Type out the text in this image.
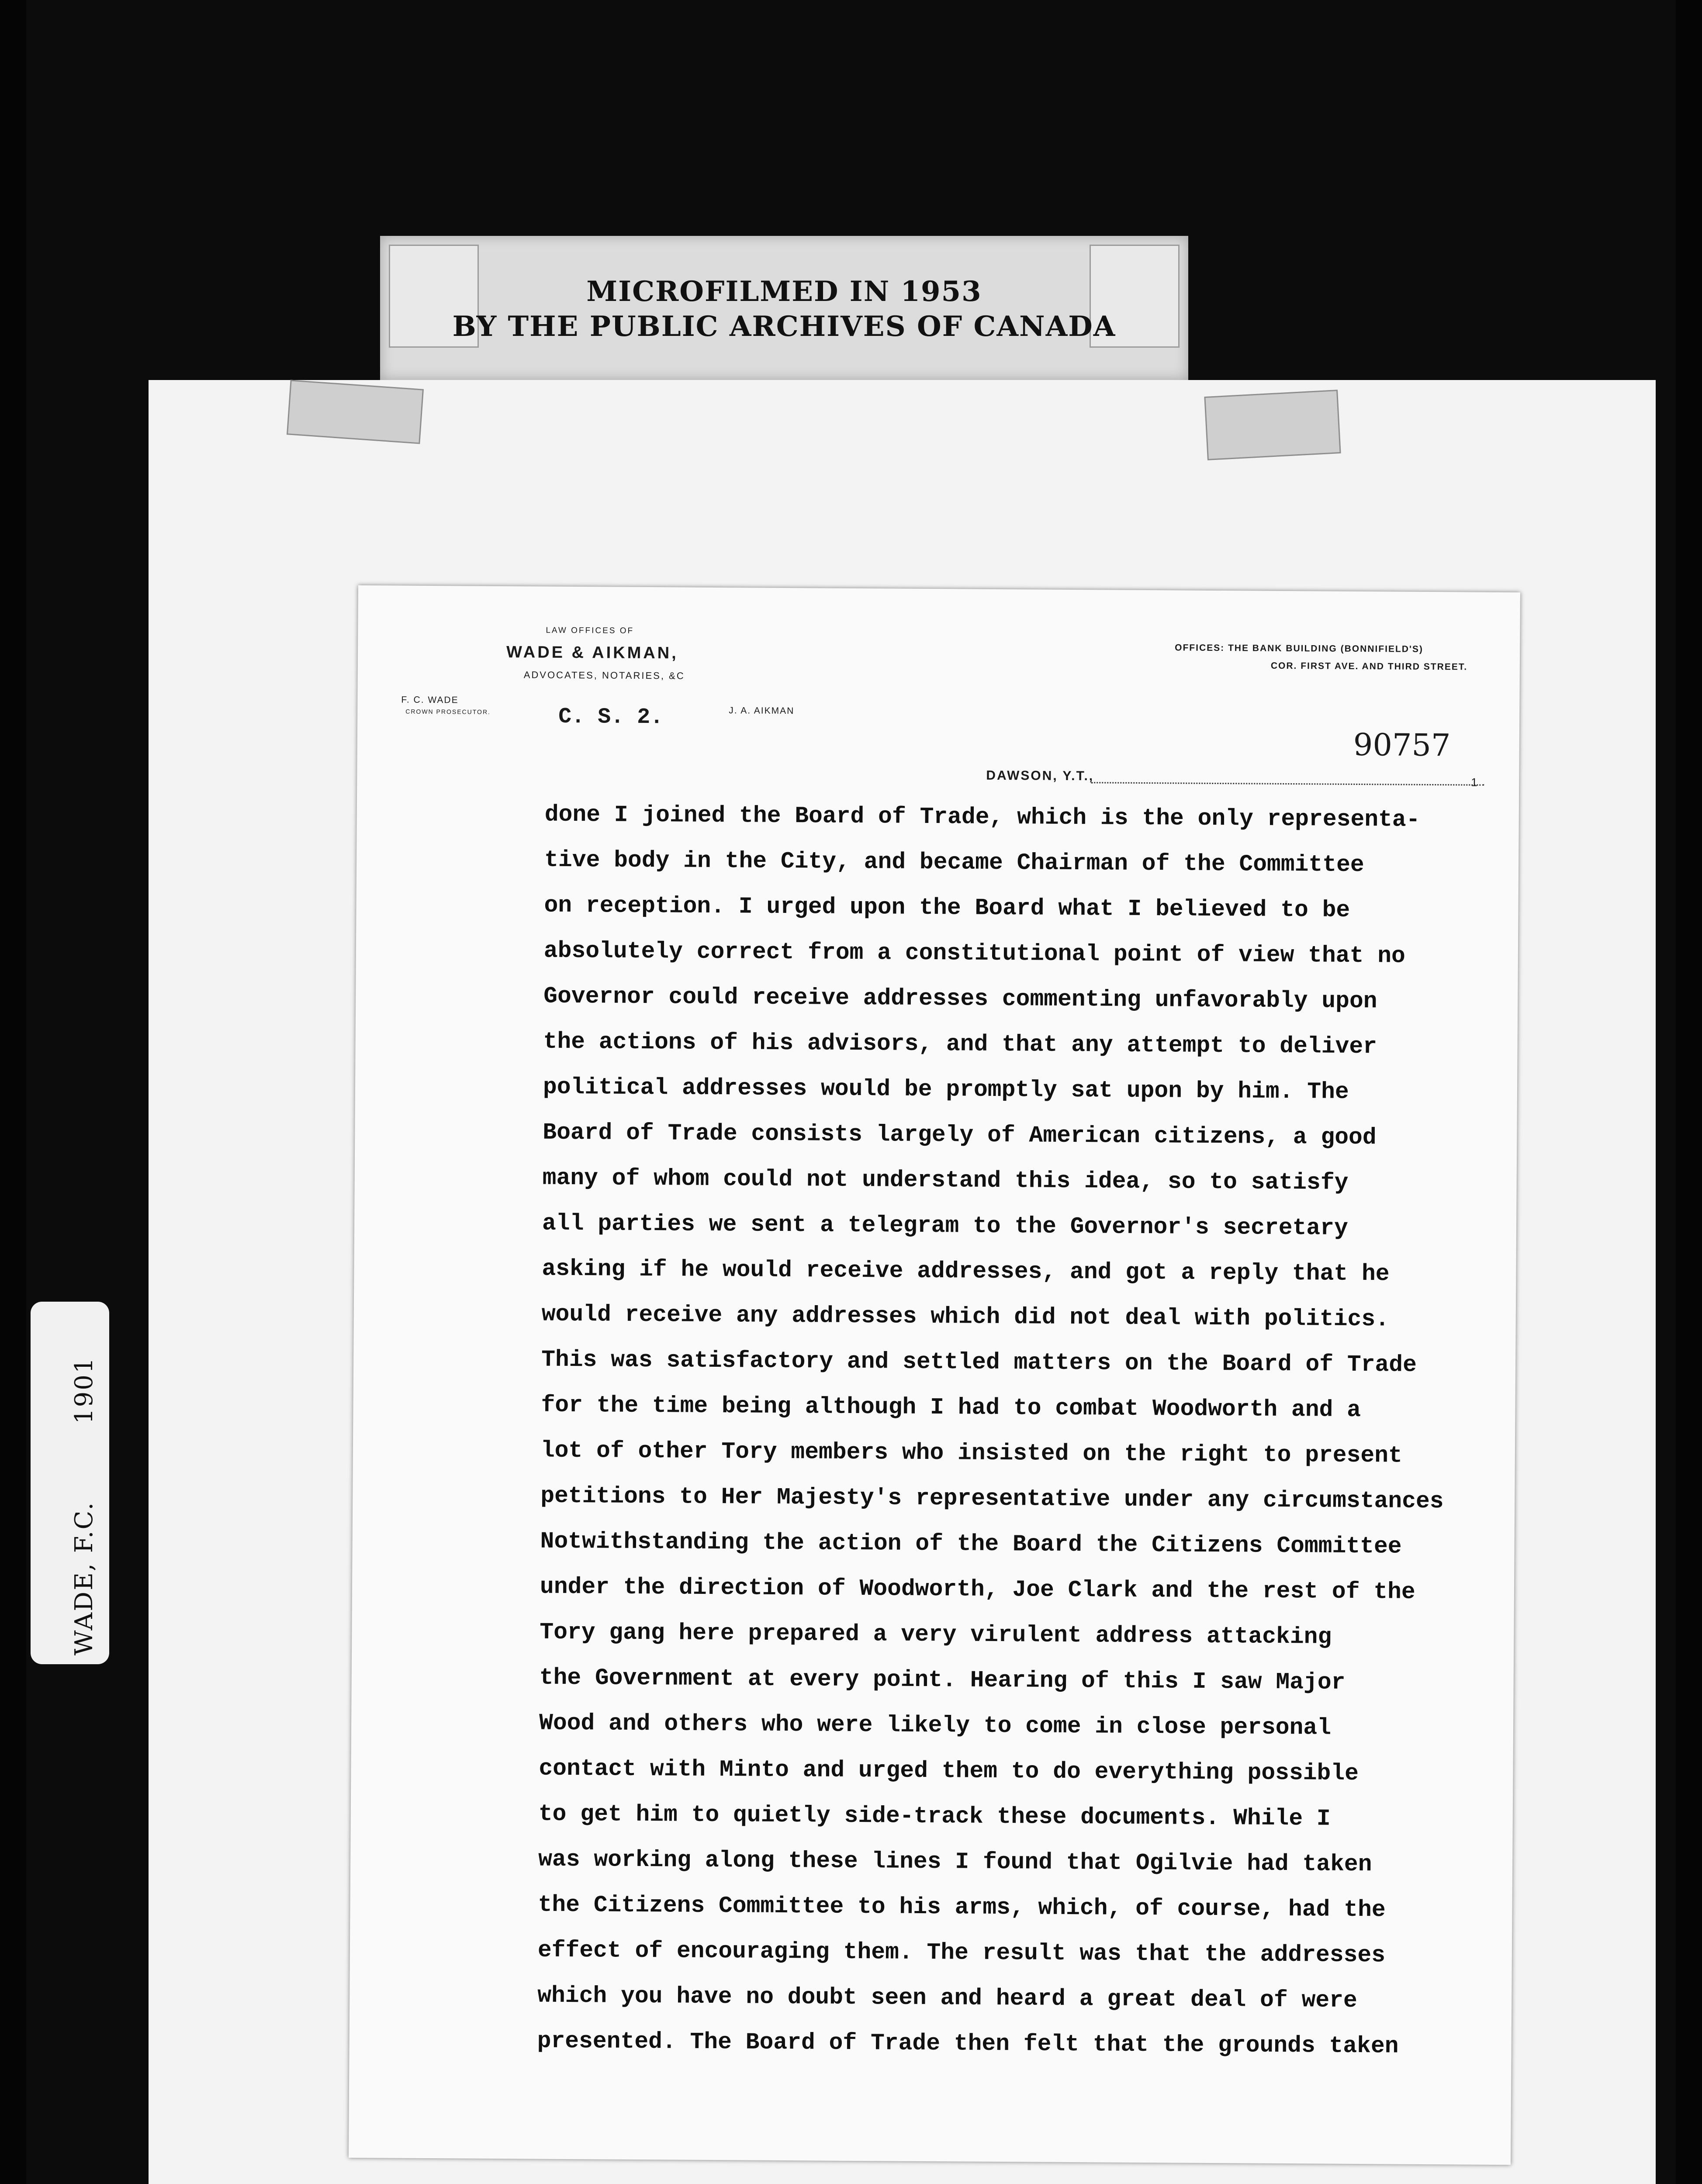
MICROFILMED IN 1953
BY THE PUBLIC ARCHIVES OF CANADA
LAW OFFICES OF
WADE & AIKMAN,
ADVOCATES, NOTARIES, &C
OFFICES: THE BANK BUILDING (BONNIFIELD'S)
COR. FIRST AVE. AND THIRD STREET.
F. C. WADE
CROWN PROSECUTOR.	J. A. AIKMAN
C. S. 2.
90757
DAWSON, Y.T.,	1
done I joined the Board of Trade, which is the only representa-
tive body in the City, and became Chairman of the Committee
on reception. I urged upon the Board what I believed to be
absolutely correct from a constitutional point of view that no
Governor could receive addresses commenting unfavorably upon
the actions of his advisors, and that any attempt to deliver
political addresses would be promptly sat upon by him. The
Board of Trade consists largely of American citizens, a good
many of whom could not understand this idea, so to satisfy
all parties we sent a telegram to the Governor's secretary
asking if he would receive addresses, and got a reply that he
would receive any addresses which did not deal with politics.
This was satisfactory and settled matters on the Board of Trade
for the time being although I had to combat Woodworth and a
lot of other Tory members who insisted on the right to present
petitions to Her Majesty's representative under any circumstances
Notwithstanding the action of the Board the Citizens Committee
under the direction of Woodworth, Joe Clark and the rest of the
Tory gang here prepared a very virulent address attacking
the Government at every point. Hearing of this I saw Major
Wood and others who were likely to come in close personal
contact with Minto and urged them to do everything possible
to get him to quietly side-track these documents. While I
was working along these lines I found that Ogilvie had taken
the Citizens Committee to his arms, which, of course, had the
effect of encouraging them. The result was that the addresses
which you have no doubt seen and heard a great deal of were
presented. The Board of Trade then felt that the grounds taken
WADE, F.C.
1901
